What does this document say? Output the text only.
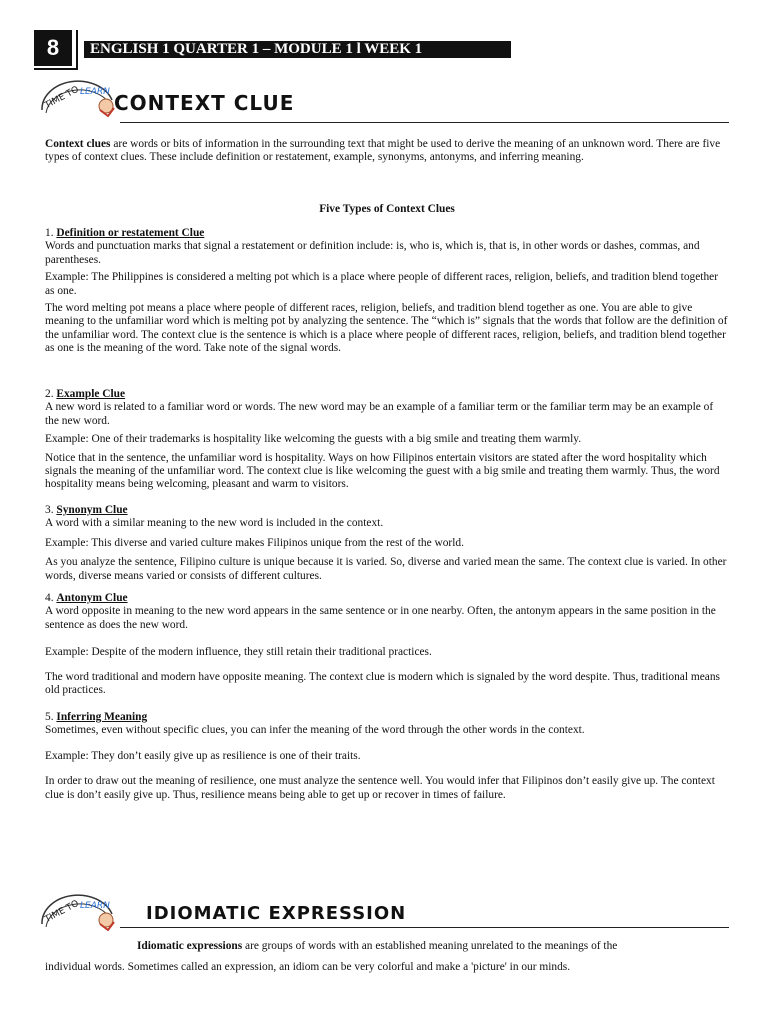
8	ENGLISH 1 QUARTER 1 – MODULE 1 l WEEK 1
TIME TO LEARN CONTEXT CLUE

Context clues are words or bits of information in the surrounding text that might be used to derive the meaning of an unknown word. There are five types of context clues. These include definition or restatement, example, synonyms, antonyms, and inferring meaning.

Five Types of Context Clues

1. Definition or restatement Clue

Words and punctuation marks that signal a restatement or definition include: is, who is, which is, that is, in other words or dashes, commas, and parentheses.

Example: The Philippines is considered a melting pot which is a place where people of different races, religion, beliefs, and tradition blend together as one.

The word melting pot means a place where people of different races, religion, beliefs, and tradition blend together as one. You are able to give meaning to the unfamiliar word which is melting pot by analyzing the sentence. The “which is” signals that the words that follow are the definition of the unfamiliar word. The context clue is the sentence is which is a place where people of different races, religion, beliefs, and tradition blend together as one is the meaning of the word. Take note of the signal words.

2. Example Clue

A new word is related to a familiar word or words. The new word may be an example of a familiar term or the familiar term may be an example of the new word.

Example: One of their trademarks is hospitality like welcoming the guests with a big smile and treating them warmly.

Notice that in the sentence, the unfamiliar word is hospitality. Ways on how Filipinos entertain visitors are stated after the word hospitality which signals the meaning of the unfamiliar word. The context clue is like welcoming the guest with a big smile and treating them warmly. Thus, the word hospitality means being welcoming, pleasant and warm to visitors.

3. Synonym Clue

A word with a similar meaning to the new word is included in the context.

Example: This diverse and varied culture makes Filipinos unique from the rest of the world.

As you analyze the sentence, Filipino culture is unique because it is varied. So, diverse and varied mean the same. The context clue is varied. In other words, diverse means varied or consists of different cultures.

4. Antonym Clue

A word opposite in meaning to the new word appears in the same sentence or in one nearby. Often, the antonym appears in the same position in the sentence as does the new word.

Example: Despite of the modern influence, they still retain their traditional practices.

The word traditional and modern have opposite meaning. The context clue is modern which is signaled by the word despite. Thus, traditional means old practices.

5. Inferring Meaning

Sometimes, even without specific clues, you can infer the meaning of the word through the other words in the context.

Example: They don’t easily give up as resilience is one of their traits.

In order to draw out the meaning of resilience, one must analyze the sentence well. You would infer that Filipinos don’t easily give up. The context clue is don’t easily give up. Thus, resilience means being able to get up or recover in times of failure.

TIME TO LEARN IDIOMATIC EXPRESSION

Idiomatic expressions are groups of words with an established meaning unrelated to the meanings of the

individual words. Sometimes called an expression, an idiom can be very colorful and make a 'picture' in our minds.
